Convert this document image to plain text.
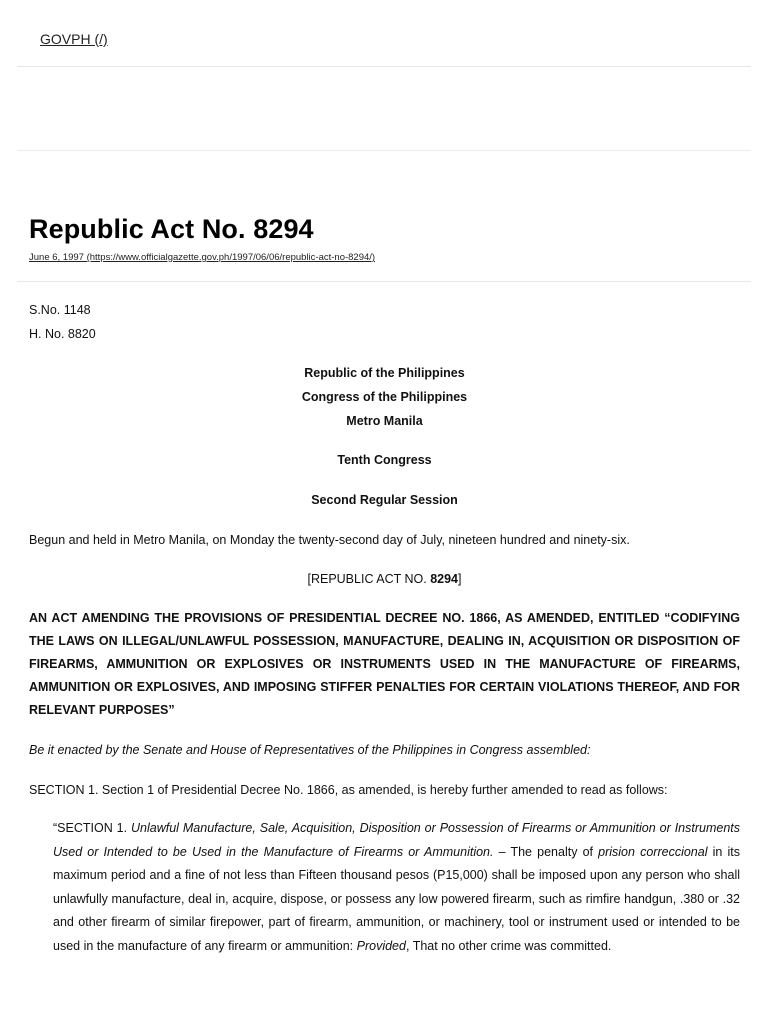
GOVPH (/)
Republic Act No. 8294
June 6, 1997 (https://www.officialgazette.gov.ph/1997/06/06/republic-act-no-8294/)

S.No. 1148

H. No. 8820

Republic of the Philippines

Congress of the Philippines

Metro Manila

Tenth Congress

Second Regular Session

Begun and held in Metro Manila, on Monday the twenty-second day of July, nineteen hundred and ninety-six.

[REPUBLIC ACT NO. 8294]

AN ACT AMENDING THE PROVISIONS OF PRESIDENTIAL DECREE NO. 1866, AS AMENDED, ENTITLED “CODIFYING THE LAWS ON ILLEGAL/UNLAWFUL POSSESSION, MANUFACTURE, DEALING IN, ACQUISITION OR DISPOSITION OF FIREARMS, AMMUNITION OR EXPLOSIVES OR INSTRUMENTS USED IN THE MANUFACTURE OF FIREARMS, AMMUNITION OR EXPLOSIVES, AND IMPOSING STIFFER PENALTIES FOR CERTAIN VIOLATIONS THEREOF, AND FOR RELEVANT PURPOSES”

Be it enacted by the Senate and House of Representatives of the Philippines in Congress assembled:

SECTION 1. Section 1 of Presidential Decree No. 1866, as amended, is hereby further amended to read as follows:

“SECTION 1. Unlawful Manufacture, Sale, Acquisition, Disposition or Possession of Firearms or Ammunition or Instruments Used or Intended to be Used in the Manufacture of Firearms or Ammunition. – The penalty of prision correccional in its maximum period and a fine of not less than Fifteen thousand pesos (P15,000) shall be imposed upon any person who shall unlawfully manufacture, deal in, acquire, dispose, or possess any low powered firearm, such as rimfire handgun, .380 or .32 and other firearm of similar firepower, part of firearm, ammunition, or machinery, tool or instrument used or intended to be used in the manufacture of any firearm or ammunition: Provided, That no other crime was committed.
